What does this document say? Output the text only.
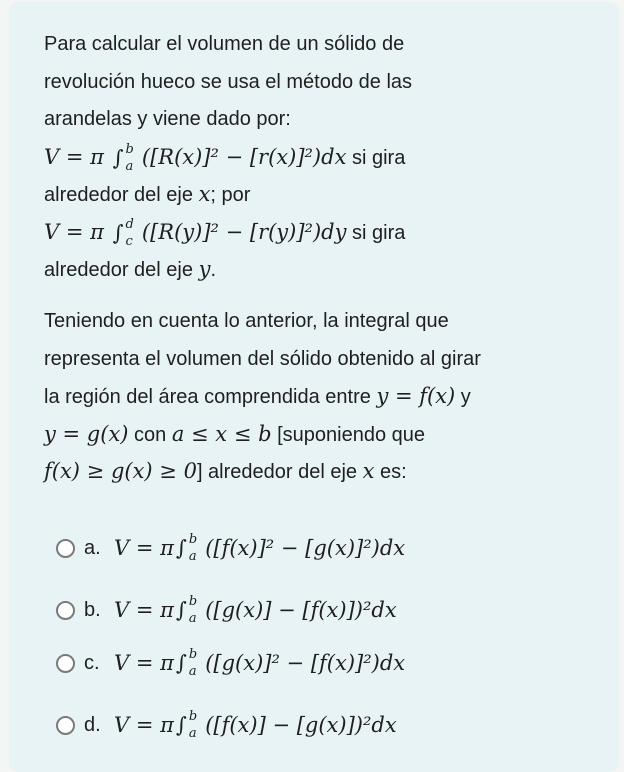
Para calcular el volumen de un sólido de
revolución hueco se usa el método de las
arandelas y viene dado por:
V = π ∫ b
a ([R(x)]² − [r(x)]²)dx si gira
alrededor del eje x; por
V = π ∫ d
c ([R(y)]² − [r(y)]²)dy si gira
alrededor del eje y.
Teniendo en cuenta lo anterior, la integral que
representa el volumen del sólido obtenido al girar
la región del área comprendida entre y = f(x) y
y = g(x) con a ≤ x ≤ b [suponiendo que
f(x) ≥ g(x) ≥ 0] alrededor del eje x es:
a. V = π ∫ b
a ([f(x)]² − [g(x)]²)dx
b. V = π ∫ b
a ([g(x)] − [f(x)])²dx
c. V = π ∫ b
a ([g(x)]² − [f(x)]²)dx
d. V = π ∫ b
a ([f(x)] − [g(x)])²dx
